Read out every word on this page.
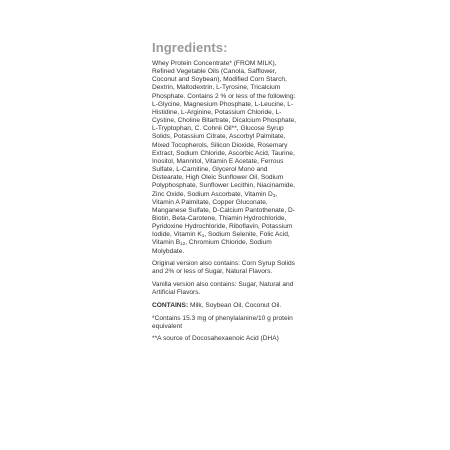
Ingredients:
Whey Protein Concentrate* (FROM MILK), Refined Vegetable Oils (Canola, Safflower, Coconut and Soybean), Modified Corn Starch, Dextrin, Maltodextrin, L-Tyrosine, Tricalcium Phosphate. Contains 2 % or less of the following: L-Glycine, Magnesium Phosphate, L-Leucine, L-Histidine, L-Arginine, Potassium Chloride, L-Cystine, Choline Bitartrate, Dicalcium Phosphate, L-Tryptophan, C. Cohnii Oil**, Glucose Syrup Solids, Potassium Citrate, Ascorbyl Palmitate, Mixed Tocopherols, Silicon Dioxide, Rosemary Extract, Sodium Chloride, Ascorbic Acid, Taurine, Inositol, Mannitol, Vitamin E Acetate, Ferrous Sulfate, L-Carnitine, Glycerol Mono and Distearate, High Oleic Sunflower Oil, Sodium Polyphosphate, Sunflower Lecithin, Niacinamide, Zinc Oxide, Sodium Ascorbate, Vitamin $D_3$, Vitamin A Palmitate, Copper Gluconate, Manganese Sulfate, D-Calcium Pantothenate, D-Biotin, Beta-Carotene, Thiamin Hydrochloride, Pyridoxine Hydrochloride, Riboflavin, Potassium Iodide, Vitamin $K_1$, Sodium Selenite, Folic Acid, Vitamin $B_{12}$, Chromium Chloride, Sodium Molybdate.
Original version also contains: Corn Syrup Solids and 2% or less of Sugar, Natural Flavors.
Vanilla version also contains: Sugar, Natural and Artificial Flavors.
CONTAINS: Milk, Soybean Oil, Coconut Oil.
*Contains 15.3 mg of phenylalanine/10 g protein equivalent
**A source of Docosahexaenoic Acid (DHA)
